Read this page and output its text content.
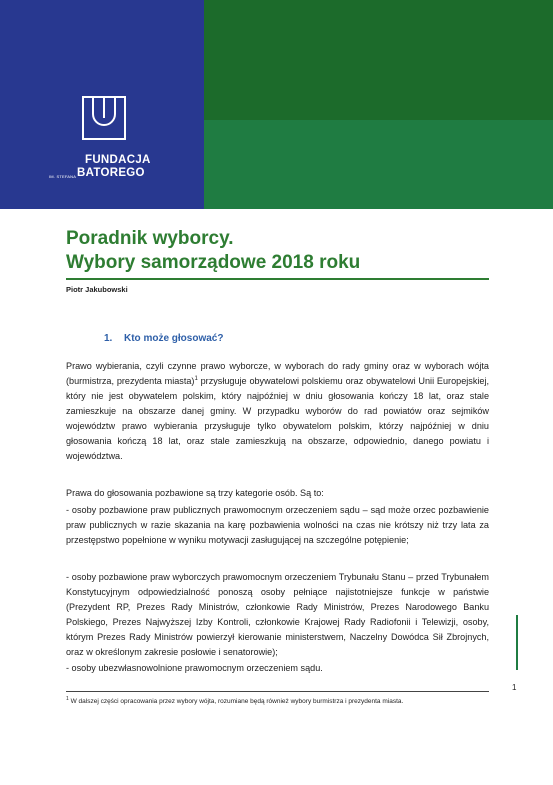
FUNDACJA
IM. STEFANA BATOREGO
Poradnik wyborcy.
Wybory samorządowe 2018 roku
Piotr Jakubowski
1. Kto może głosować?
Prawo wybierania, czyli czynne prawo wyborcze, w wyborach do rady gminy oraz w wyborach wójta (burmistrza, prezydenta miasta)$^1$ przysługuje obywatelowi polskiemu oraz obywatelowi Unii Europejskiej, który nie jest obywatelem polskim, który najpóźniej w dniu głosowania kończy 18 lat, oraz stale zamieszkuje na obszarze danej gminy. W przypadku wyborów do rad powiatów oraz sejmików województw prawo wybierania przysługuje tylko obywatelom polskim, którzy najpóźniej w dniu głosowania kończą 18 lat, oraz stale zamieszkują na obszarze, odpowiednio, danego powiatu i województwa.
Prawa do głosowania pozbawione są trzy kategorie osób. Są to:
- osoby pozbawione praw publicznych prawomocnym orzeczeniem sądu – sąd może orzec pozbawienie praw publicznych w razie skazania na karę pozbawienia wolności na czas nie krótszy niż trzy lata za przestępstwo popełnione w wyniku motywacji zasługującej na szczególne potępienie;
- osoby pozbawione praw wyborczych prawomocnym orzeczeniem Trybunału Stanu – przed Trybunałem Konstytucyjnym odpowiedzialność ponoszą osoby pełniące najistotniejsze funkcje w państwie (Prezydent RP, Prezes Rady Ministrów, członkowie Rady Ministrów, Prezes Narodowego Banku Polskiego, Prezes Najwyższej Izby Kontroli, członkowie Krajowej Rady Radiofonii i Telewizji, osoby, którym Prezes Rady Ministrów powierzył kierowanie ministerstwem, Naczelny Dowódca Sił Zbrojnych, oraz w określonym zakresie posłowie i senatorowie);
- osoby ubezwłasnowolnione prawomocnym orzeczeniem sądu.
1
$^1$ W dalszej części opracowania przez wybory wójta, rozumiane będą również wybory burmistrza i prezydenta miasta.
